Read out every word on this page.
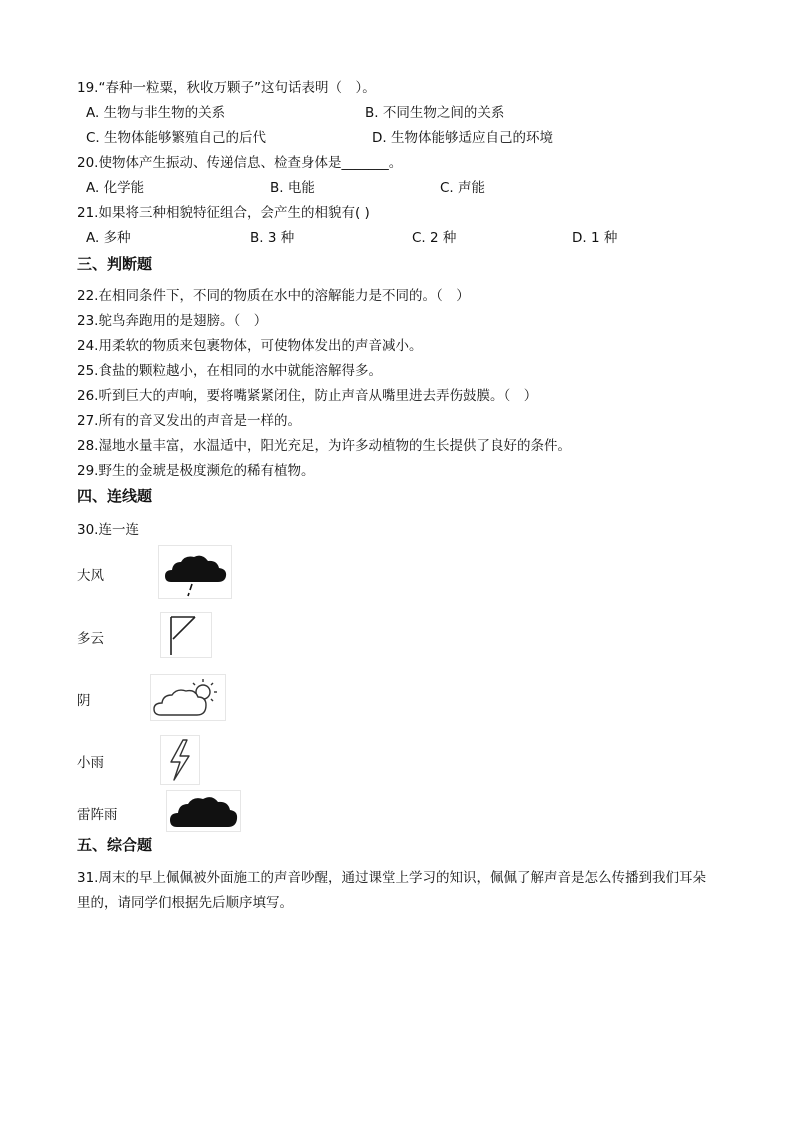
19.“春种一粒粟，秋收万颗子”这句话表明（　）。
A. 生物与非生物的关系	B. 不同生物之间的关系
C. 生物体能够繁殖自己的后代	D. 生物体能够适应自己的环境
20.使物体产生振动、传递信息、检查身体是_______。
A. 化学能	B. 电能	C. 声能
21.如果将三种相貌特征组合，会产生的相貌有( )
A. 多种	B. 3 种	C. 2 种	D. 1 种
三、判断题
22.在相同条件下，不同的物质在水中的溶解能力是不同的。（　）
23.鸵鸟奔跑用的是翅膀。（　）
24.用柔软的物质来包裹物体，可使物体发出的声音减小。
25.食盐的颗粒越小，在相同的水中就能溶解得多。
26.听到巨大的声响，要将嘴紧紧闭住，防止声音从嘴里进去弄伤鼓膜。（　）
27.所有的音叉发出的声音是一样的。
28.湿地水量丰富，水温适中，阳光充足，为许多动植物的生长提供了良好的条件。
29.野生的金琥是极度濒危的稀有植物。
四、连线题
30.连一连
大风
多云
阴
小雨
雷阵雨
五、综合题
31.周末的早上佩佩被外面施工的声音吵醒，通过课堂上学习的知识，佩佩了解声音是怎么传播到我们耳朵
里的，请同学们根据先后顺序填写。
